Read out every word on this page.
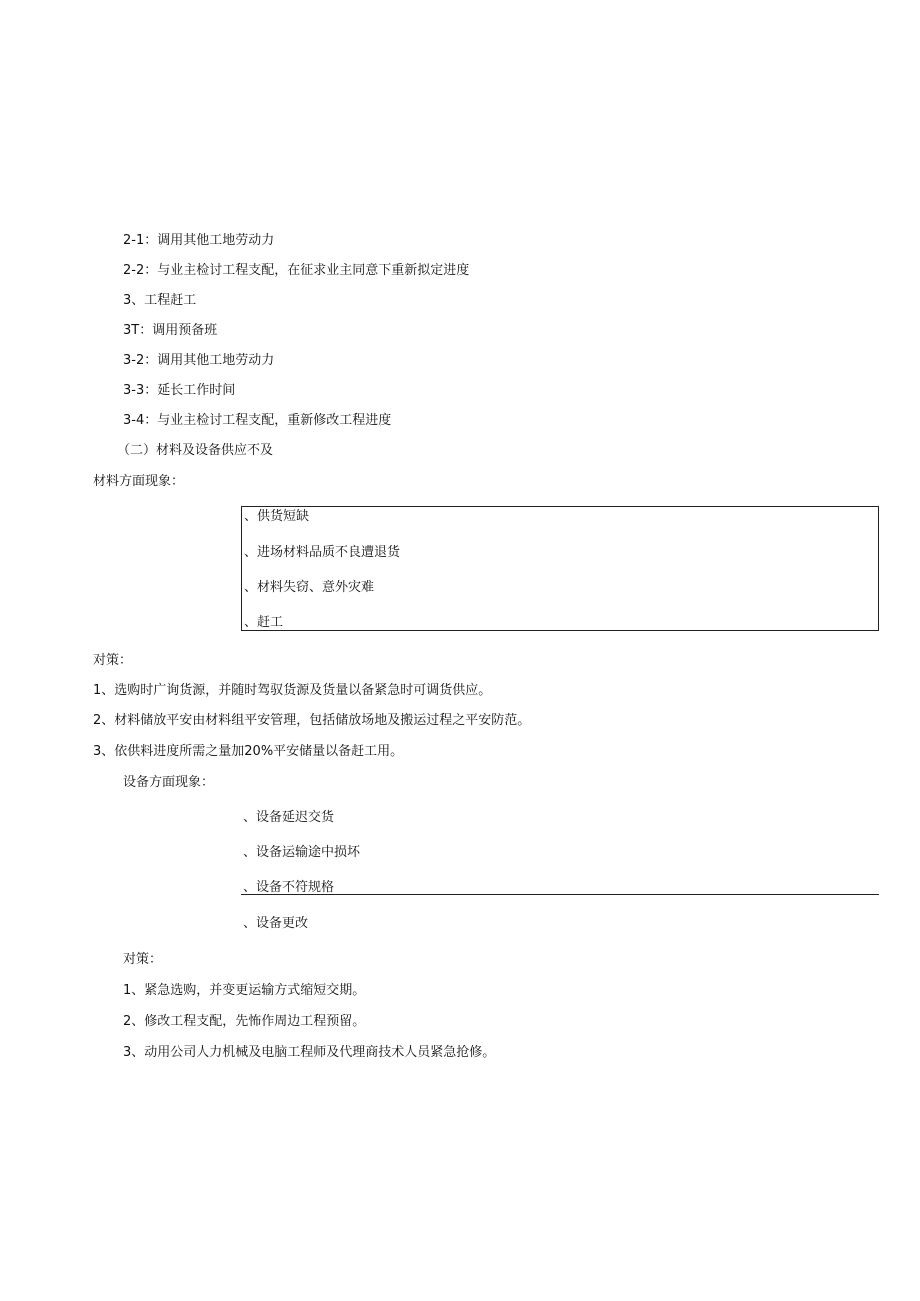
2-1：调用其他工地劳动力
2-2：与业主检讨工程支配，在征求业主同意下重新拟定进度
3、工程赶工
3T：调用预备班
3-2：调用其他工地劳动力
3-3：延长工作时间
3-4：与业主检讨工程支配，重新修改工程进度
（二）材料及设备供应不及
材料方面现象：
、供货短缺
、进场材料品质不良遭退货
、材料失窃、意外灾难
、赶工
对策：
1、选购时广询货源，并随时驾驭货源及货量以备紧急时可调货供应。
2、材料储放平安由材料组平安管理，包括储放场地及搬运过程之平安防范。
3、依供料进度所需之量加20%平安储量以备赶工用。
设备方面现象：
、设备延迟交货
、设备运输途中损坏
、设备不符规格
、设备更改
对策：
1、紧急选购，并变更运输方式缩短交期。
2、修改工程支配，先怖作周边工程预留。
3、动用公司人力机械及电脑工程师及代理商技术人员紧急抢修。
